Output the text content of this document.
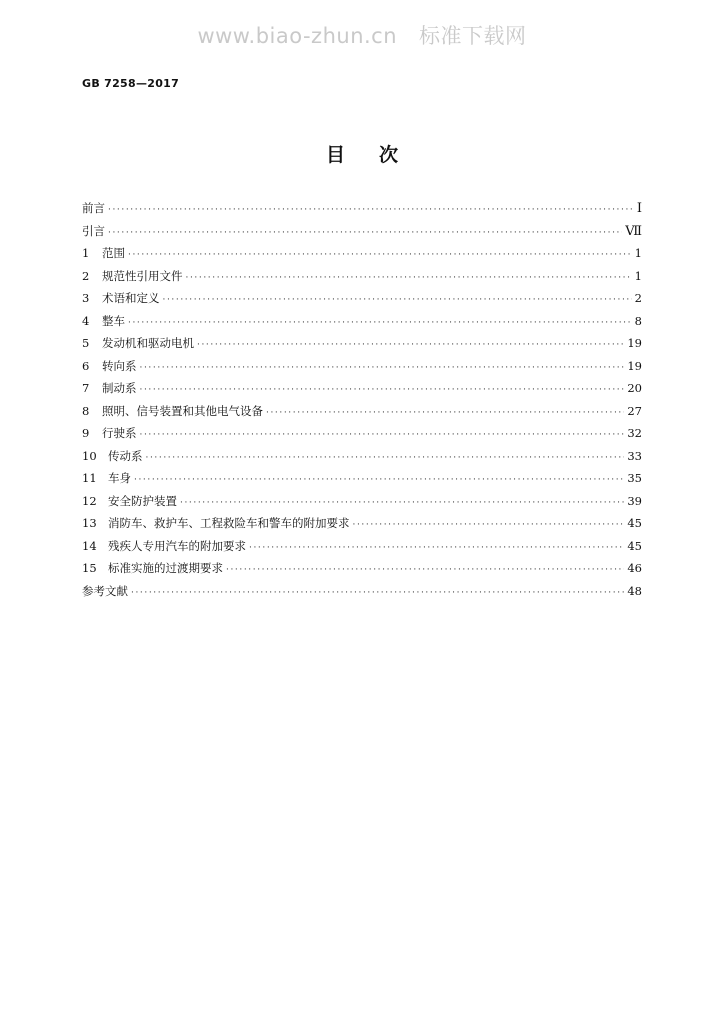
www.biao-zhun.cn 标准下载网
GB 7258—2017
目次
前言 ·····	Ⅰ
引言 ·····	Ⅶ
1	范围 ·····	1
2	规范性引用文件 ·····	1
3	术语和定义 ·····	2
4	整车 ·····	8
5	发动机和驱动电机 ·····	19
6	转向系 ·····	19
7	制动系 ·····	20
8	照明、信号装置和其他电气设备 ·····	27
9	行驶系 ·····	32
10 传动系 ·····	33
11 车身 ·····	35
12 安全防护装置 ·····	39
13 消防车、救护车、工程救险车和警车的附加要求 ·····	45
14 残疾人专用汽车的附加要求 ·····	45
15 标准实施的过渡期要求 ·····	46
参考文献 ·····	48
